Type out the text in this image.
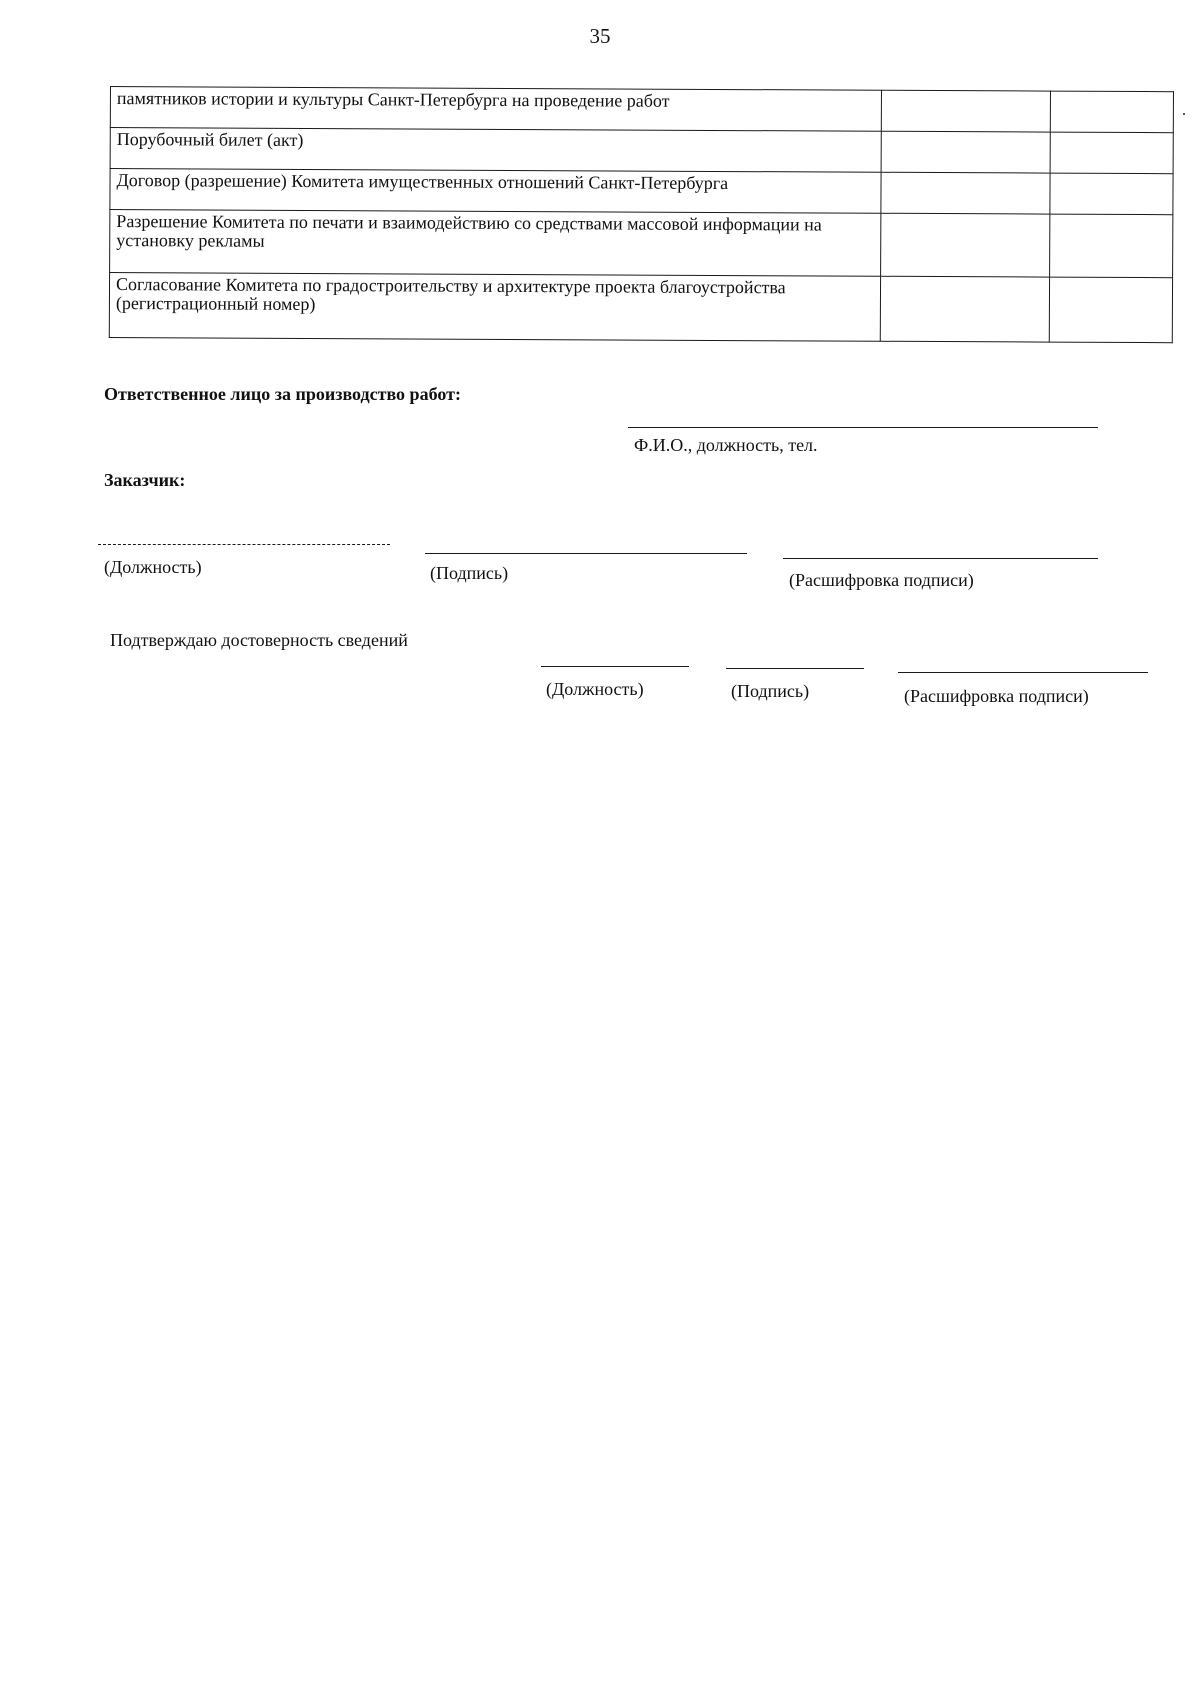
35
памятников истории и культуры Санкт-Петербурга на проведение работ		
Порубочный билет (акт)		
Договор (разрешение) Комитета имущественных отношений Санкт-Петербурга		
Разрешение Комитета по печати и взаимодействию со средствами массовой информации на установку рекламы		
Согласование Комитета по градостроительству и архитектуре проекта благоустройства (регистрационный номер)		
Ответственное лицо за производство работ:
Ф.И.О., должность, тел.
Заказчик:
(Должность)	(Подпись)	(Расшифровка подписи)
Подтверждаю достоверность сведений
(Должность)	(Подпись)	(Расшифровка подписи)
